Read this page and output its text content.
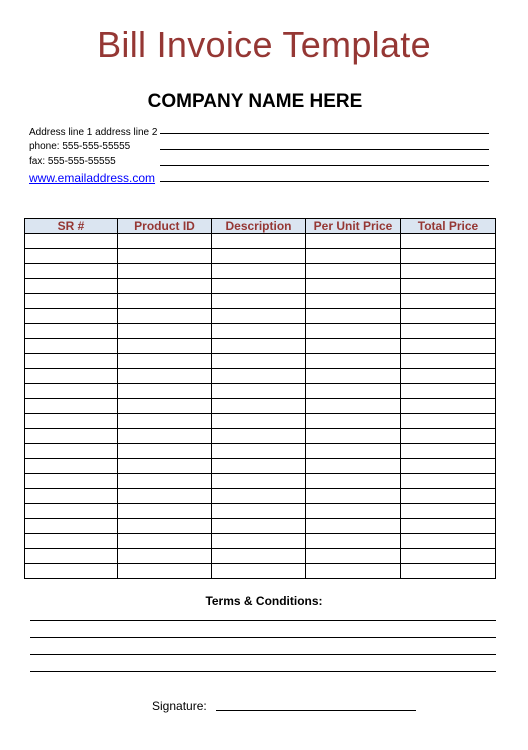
Bill Invoice Template
COMPANY NAME HERE
Address line 1 address line 2
phone: 555-555-55555
fax: 555-555-55555
www.emailaddress.com
SR #	Product ID	Description	Per Unit Price	Total Price

Terms & Conditions:
Signature:
